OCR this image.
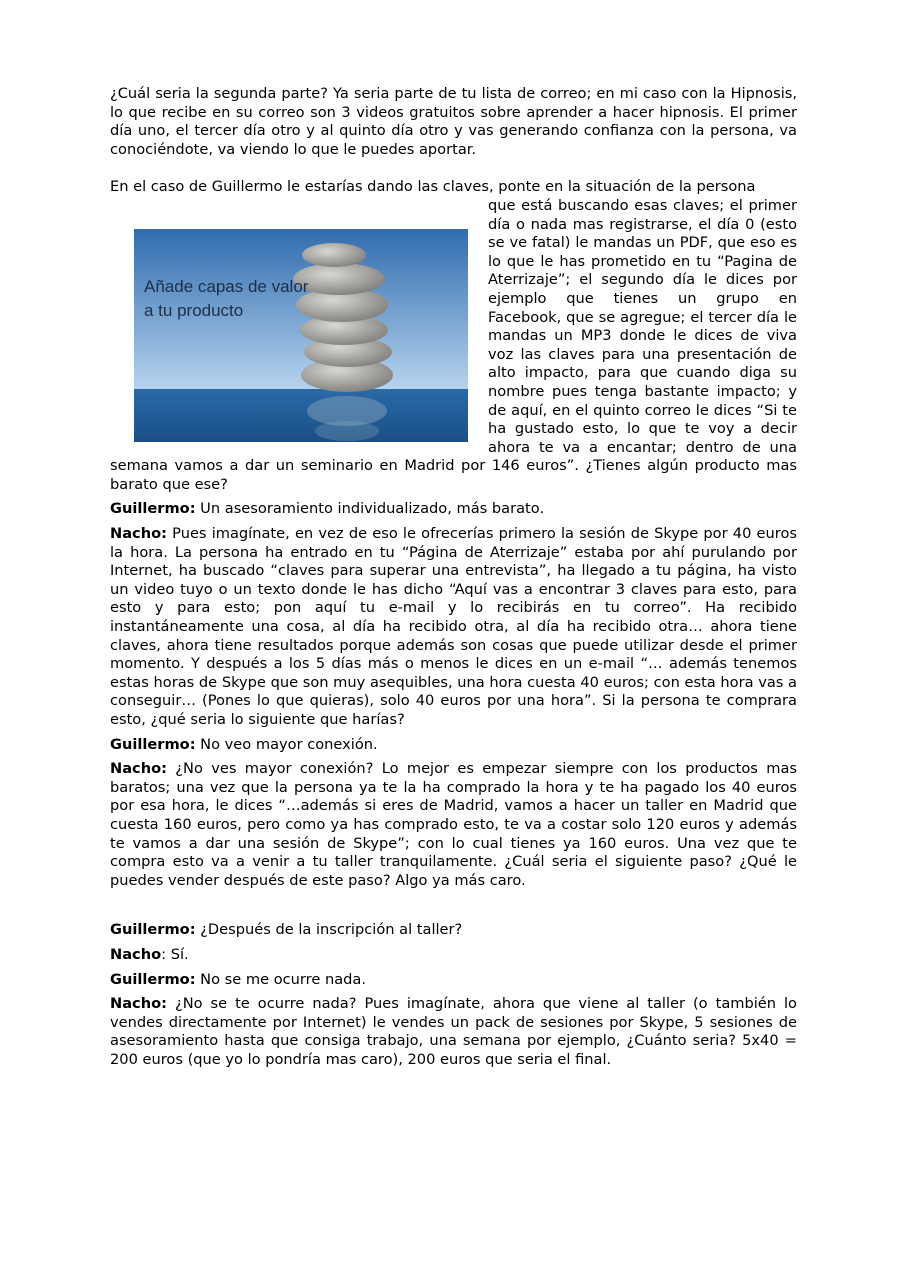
¿Cuál seria la segunda parte? Ya seria parte de tu lista de correo; en mi caso con la Hipnosis, lo que recibe en su correo son 3 videos gratuitos sobre aprender a hacer hipnosis. El primer día uno, el tercer día otro y al quinto día otro y vas generando confianza con la persona, va conociéndote, va viendo lo que le puedes aportar.

En el caso de Guillermo le estarías dando las claves, ponte en la situación de la persona

Añade capas de valor
a tu producto

que está buscando esas claves; el primer día o nada mas registrarse, el día 0 (esto se ve fatal) le mandas un PDF, que eso es lo que le has prometido en tu “Pagina de Aterrizaje”; el segundo día le dices por ejemplo que tienes un grupo en Facebook, que se agregue; el tercer día le mandas un MP3 donde le dices de viva voz las claves para una presentación de alto impacto, para que cuando diga su nombre pues tenga bastante impacto; y de aquí, en el quinto correo le dices “Si te ha gustado esto, lo que te voy a decir ahora te va a encantar; dentro de una semana vamos a dar un seminario en Madrid por 146 euros”. ¿Tienes algún producto mas barato que ese?

Guillermo: Un asesoramiento individualizado, más barato.

Nacho: Pues imagínate, en vez de eso le ofrecerías primero la sesión de Skype por 40 euros la hora. La persona ha entrado en tu “Página de Aterrizaje” estaba por ahí purulando por Internet, ha buscado “claves para superar una entrevista”, ha llegado a tu página, ha visto un video tuyo o un texto donde le has dicho “Aquí vas a encontrar 3 claves para esto, para esto y para esto; pon aquí tu e-mail y lo recibirás en tu correo”. Ha recibido instantáneamente una cosa, al día ha recibido otra, al día ha recibido otra… ahora tiene claves, ahora tiene resultados porque además son cosas que puede utilizar desde el primer momento. Y después a los 5 días más o menos le dices en un e-mail “… además tenemos estas horas de Skype que son muy asequibles, una hora cuesta 40 euros; con esta hora vas a conseguir… (Pones lo que quieras), solo 40 euros por una hora”. Si la persona te comprara esto, ¿qué seria lo siguiente que harías?

Guillermo: No veo mayor conexión.

Nacho: ¿No ves mayor conexión? Lo mejor es empezar siempre con los productos mas baratos; una vez que la persona ya te la ha comprado la hora y te ha pagado los 40 euros por esa hora, le dices “…además si eres de Madrid, vamos a hacer un taller en Madrid que cuesta 160 euros, pero como ya has comprado esto, te va a costar solo 120 euros y además te vamos a dar una sesión de Skype”; con lo cual tienes ya 160 euros. Una vez que te compra esto va a venir a tu taller tranquilamente. ¿Cuál seria el siguiente paso? ¿Qué le puedes vender después de este paso? Algo ya más caro.

Guillermo: ¿Después de la inscripción al taller?

Nacho: Sí.

Guillermo: No se me ocurre nada.

Nacho: ¿No se te ocurre nada? Pues imagínate, ahora que viene al taller (o también lo vendes directamente por Internet) le vendes un pack de sesiones por Skype, 5 sesiones de asesoramiento hasta que consiga trabajo, una semana por ejemplo, ¿Cuánto seria? 5x40 = 200 euros (que yo lo pondría mas caro), 200 euros que seria el final.
